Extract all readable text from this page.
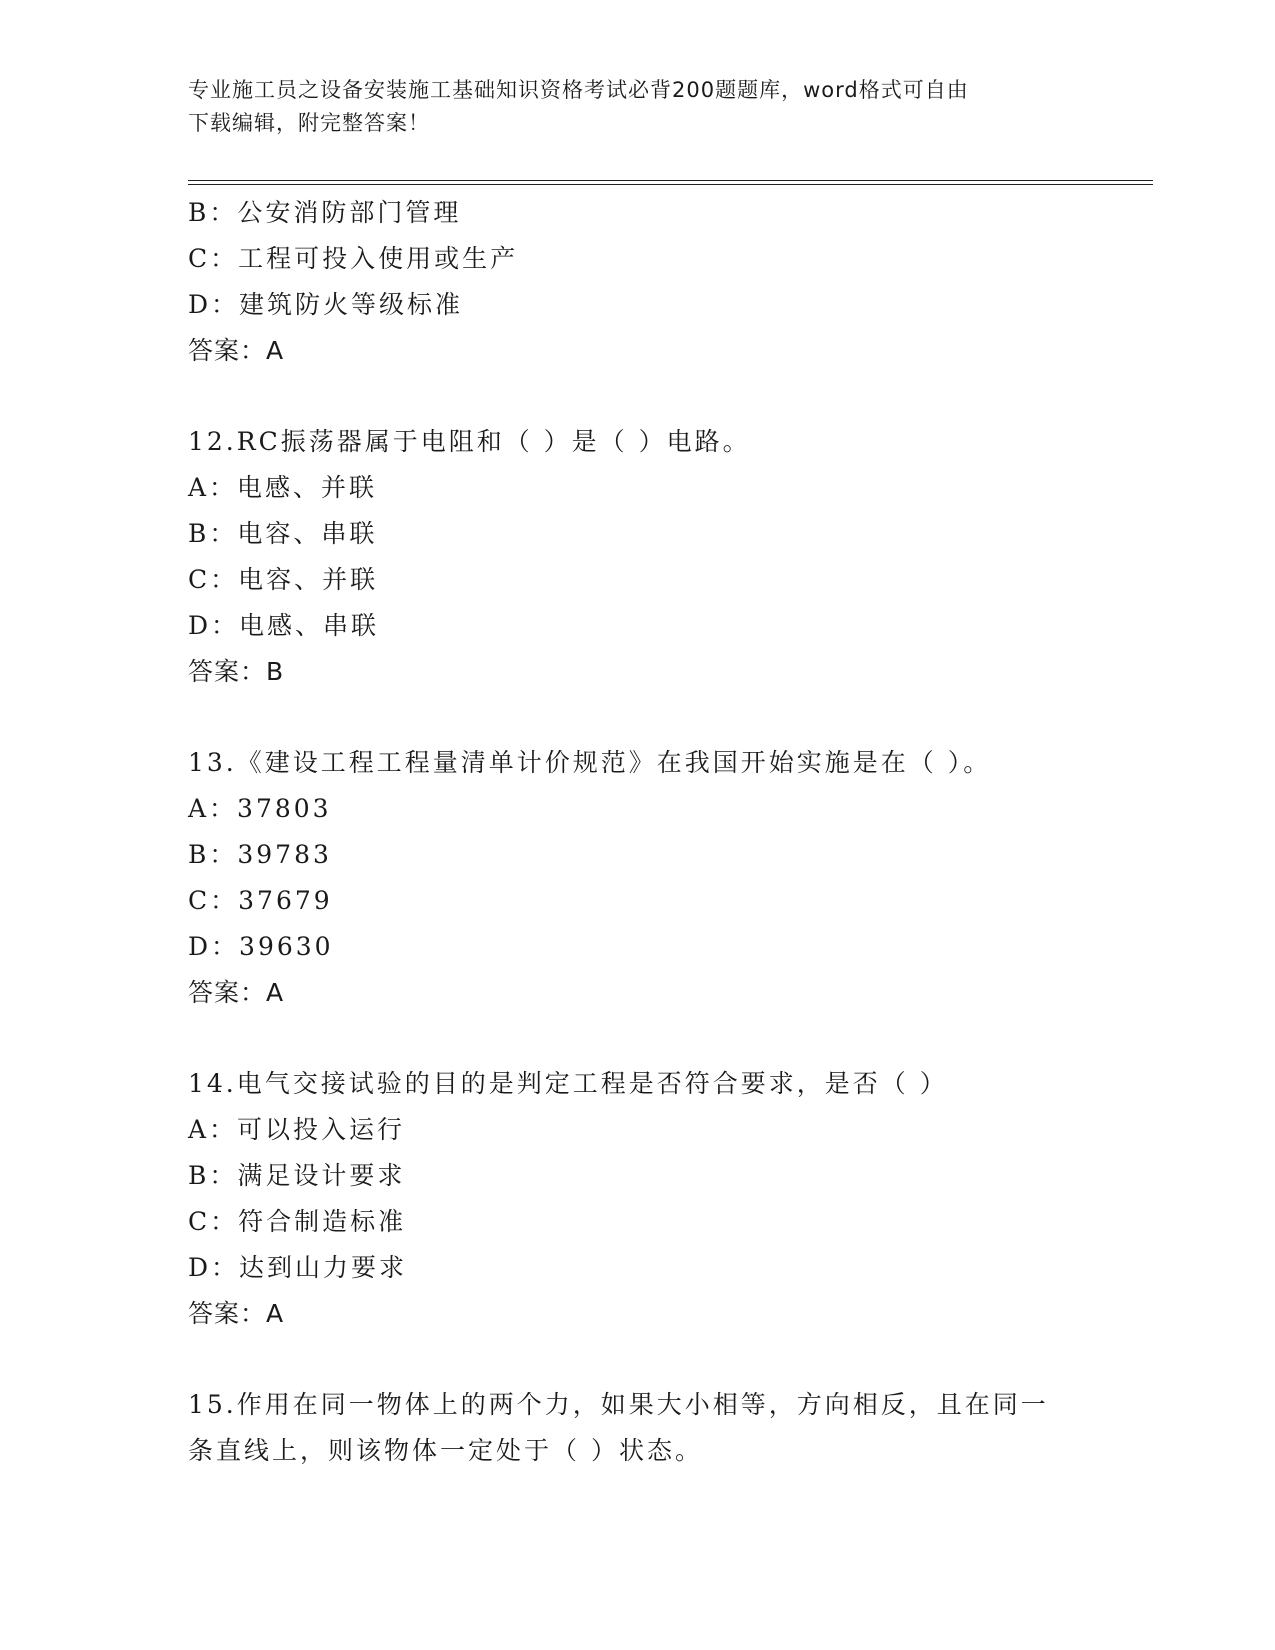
专业施工员之设备安装施工基础知识资格考试必背200题题库，word格式可自由
下载编辑，附完整答案！
B：公安消防部门管理
C：工程可投入使用或生产
D：建筑防火等级标准
答案：A
12.RC振荡器属于电阻和（ ）是（ ）电路。
A：电感、并联
B：电容、串联
C：电容、并联
D：电感、串联
答案：B
13.《建设工程工程量清单计价规范》在我国开始实施是在（ ）。
A：37803
B：39783
C：37679
D：39630
答案：A
14.电气交接试验的目的是判定工程是否符合要求，是否（ ）
A：可以投入运行
B：满足设计要求
C：符合制造标准
D：达到山力要求
答案：A
15.作用在同一物体上的两个力，如果大小相等，方向相反，且在同一
条直线上，则该物体一定处于（ ）状态。
